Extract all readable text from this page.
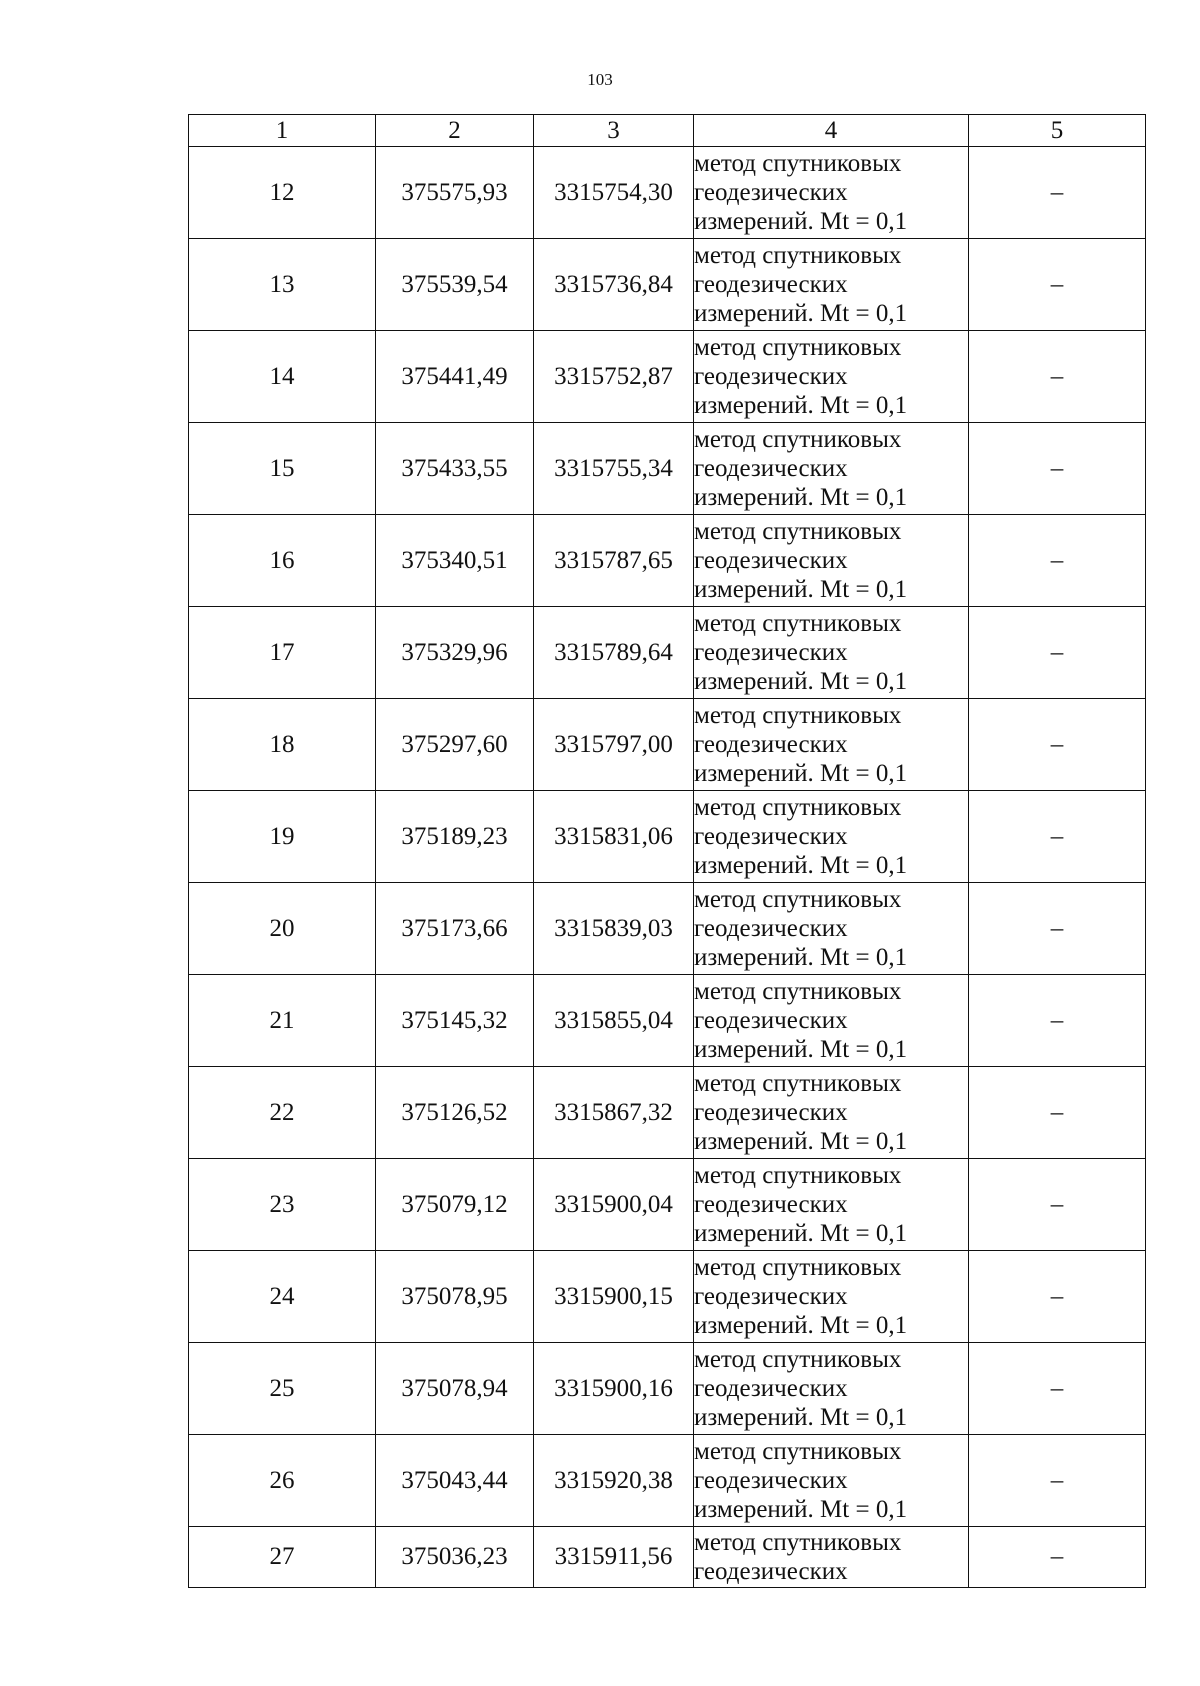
103
1	2	3	4	5
12	375575,93	3315754,30	метод спутниковых
геодезических
измерений. Mt = 0,1	–
13	375539,54	3315736,84	метод спутниковых
геодезических
измерений. Mt = 0,1	–
14	375441,49	3315752,87	метод спутниковых
геодезических
измерений. Mt = 0,1	–
15	375433,55	3315755,34	метод спутниковых
геодезических
измерений. Mt = 0,1	–
16	375340,51	3315787,65	метод спутниковых
геодезических
измерений. Mt = 0,1	–
17	375329,96	3315789,64	метод спутниковых
геодезических
измерений. Mt = 0,1	–
18	375297,60	3315797,00	метод спутниковых
геодезических
измерений. Mt = 0,1	–
19	375189,23	3315831,06	метод спутниковых
геодезических
измерений. Mt = 0,1	–
20	375173,66	3315839,03	метод спутниковых
геодезических
измерений. Mt = 0,1	–
21	375145,32	3315855,04	метод спутниковых
геодезических
измерений. Mt = 0,1	–
22	375126,52	3315867,32	метод спутниковых
геодезических
измерений. Mt = 0,1	–
23	375079,12	3315900,04	метод спутниковых
геодезических
измерений. Mt = 0,1	–
24	375078,95	3315900,15	метод спутниковых
геодезических
измерений. Mt = 0,1	–
25	375078,94	3315900,16	метод спутниковых
геодезических
измерений. Mt = 0,1	–
26	375043,44	3315920,38	метод спутниковых
геодезических
измерений. Mt = 0,1	–
27	375036,23	3315911,56	метод спутниковых
геодезических	–
